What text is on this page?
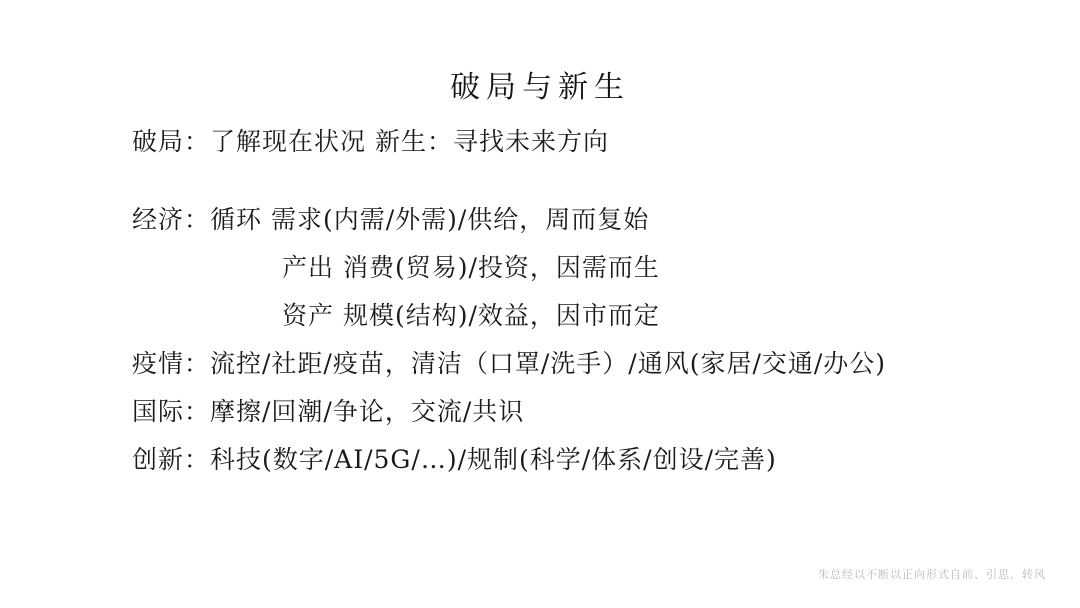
破局与新生
破局：了解现在状况 新生：寻找未来方向
经济：循环 需求(内需/外需)/供给，周而复始
产出 消费(贸易)/投资，因需而生
资产 规模(结构)/效益，因市而定
疫情：流控/社距/疫苗，清洁（口罩/洗手）/通风(家居/交通/办公)
国际：摩擦/回潮/争论，交流/共识
创新：科技(数字/AI/5G/…)/规制(科学/体系/创设/完善)
朱总经以不断以正向形式自前、引思、转风
